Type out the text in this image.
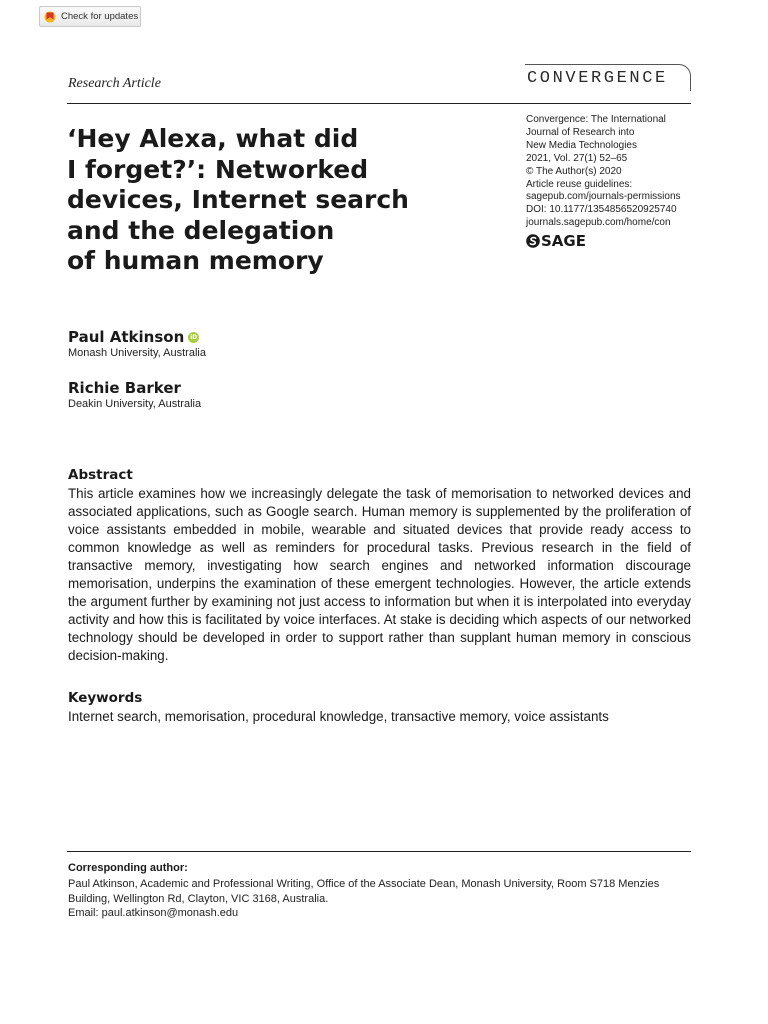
Check for updates
Research Article	CONVERGENCE
‘Hey Alexa, what did
I forget?’: Networked
devices, Internet search
and the delegation
of human memory
Convergence: The International
Journal of Research into
New Media Technologies
2021, Vol. 27(1) 52–65
© The Author(s) 2020
Article reuse guidelines:
sagepub.com/journals-permissions
DOI: 10.1177/1354856520925740
journals.sagepub.com/home/con
SAGE
Paul Atkinson iD
Monash University, Australia
Richie Barker
Deakin University, Australia
Abstract

This article examines how we increasingly delegate the task of memorisation to networked devices and associated applications, such as Google search. Human memory is supplemented by the proliferation of voice assistants embedded in mobile, wearable and situated devices that provide ready access to common knowledge as well as reminders for procedural tasks. Previous research in the field of transactive memory, investigating how search engines and networked information discourage memorisation, underpins the examination of these emergent technologies. However, the article extends the argument further by examining not just access to information but when it is interpolated into everyday activity and how this is facilitated by voice interfaces. At stake is deciding which aspects of our networked technology should be developed in order to support rather than supplant human memory in conscious decision-making.

Keywords
Internet search, memorisation, procedural knowledge, transactive memory, voice assistants
Corresponding author:
Paul Atkinson, Academic and Professional Writing, Office of the Associate Dean, Monash University, Room S718 Menzies
Building, Wellington Rd, Clayton, VIC 3168, Australia.
Email: paul.atkinson@monash.edu
